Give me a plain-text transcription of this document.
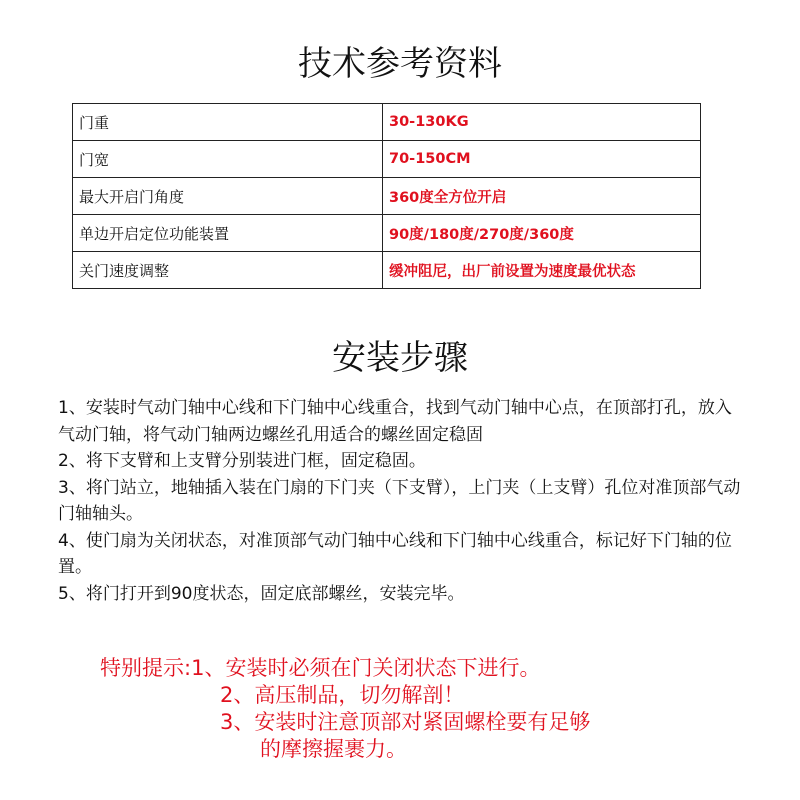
技术参考资料
门重	30-130KG
门宽	70-150CM
最大开启门角度	360度全方位开启
单边开启定位功能装置	90度/180度/270度/360度
关门速度调整	缓冲阻尼，出厂前设置为速度最优状态
安装步骤

1、安装时气动门轴中心线和下门轴中心线重合，找到气动门轴中心点，在顶部打孔，放入气动门轴，将气动门轴两边螺丝孔用适合的螺丝固定稳固

2、将下支臂和上支臂分别装进门框，固定稳固。

3、将门站立，地轴插入装在门扇的下门夹（下支臂），上门夹（上支臂）孔位对准顶部气动门轴轴头。

4、使门扇为关闭状态，对准顶部气动门轴中心线和下门轴中心线重合，标记好下门轴的位置。

5、将门打开到90度状态，固定底部螺丝，安装完毕。

特别提示: 1、安装时必须在门关闭状态下进行。
2、高压制品，切勿解剖！
3、安装时注意顶部对紧固螺栓要有足够
的摩擦握裹力。
